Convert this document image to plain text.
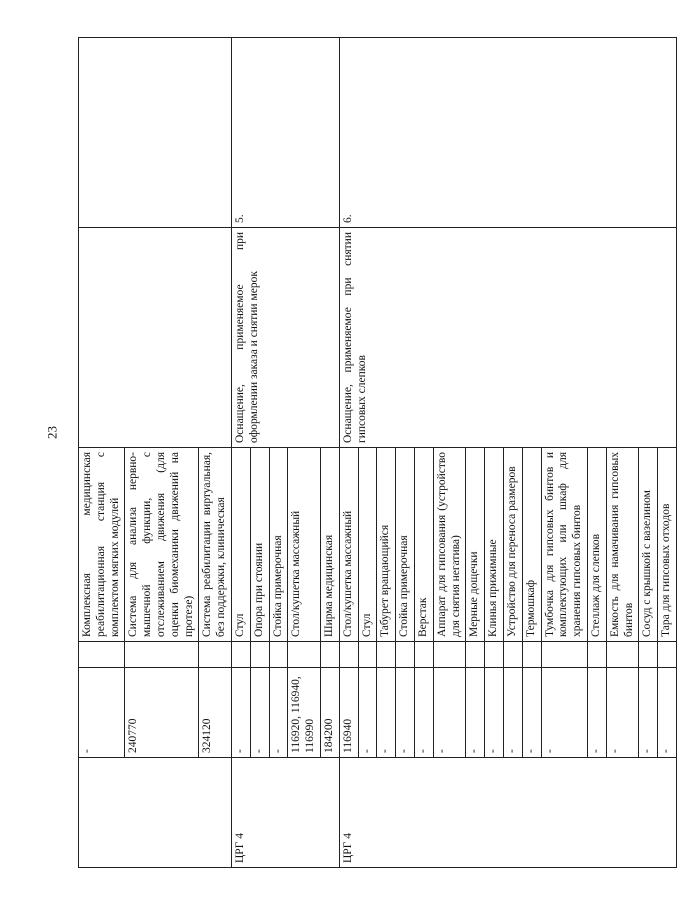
23
	-		Комплексная медицинская реабилитационная станция с комплектом мягких модулей		
	240770		Система для анализа нервно-мышечной функции, с отслеживанием движения (для оценки биомеханики движений на протезе)		
	324120		Система реабилитации виртуальная, без поддержки, клиническая		
ЦРГ 4	-		Стул	Оснащение, применяемое при оформлении заказа и снятии мерок	5.
	-		Опора при стоянии		
	-		Стойка примерочная		
	116920, 116940, 116990		Стол/кушетка массажный		
	184200		Ширма медицинская		
ЦРГ 4	116940		Стол/кушетка массажный	Оснащение, применяемое при снятии гипсовых слепков	6.
	-		Стул		
	-		Табурет вращающийся		
	-		Стойка примерочная		
	-		Верстак		
	-		Аппарат для гипсования (устройство для снятия негатива)		
	-		Мерные дощечки		
	-		Клинья прижимные		
	-		Устройство для переноса размеров		
	-		Термошкаф		
	-		Тумбочка для гипсовых бинтов и комплектующих или шкаф для хранения гипсовых бинтов		
	-		Стеллаж для слепков		
	-		Емкость для намачивания гипсовых бинтов		
	-		Сосуд с крышкой с вазелином		
	-		Тара для гипсовых отходов		
